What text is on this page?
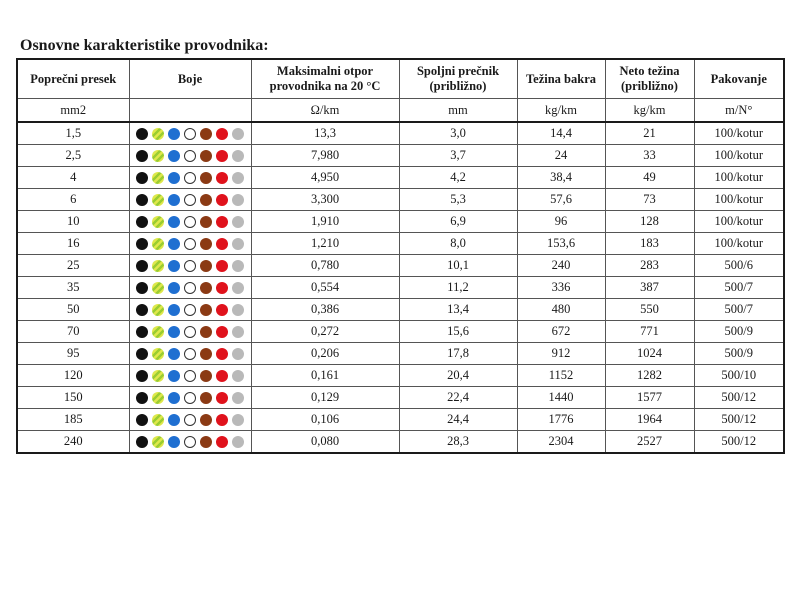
Osnovne karakteristike provodnika:
Poprečni presek	Boje	Maksimalni otpor provodnika na 20 °C	Spoljni prečnik (približno)	Težina bakra	Neto težina (približno)	Pakovanje
mm2		Ω/km	mm	kg/km	kg/km	m/N°
1,5		13,3	3,0	14,4	21	100/kotur
2,5		7,980	3,7	24	33	100/kotur
4		4,950	4,2	38,4	49	100/kotur
6		3,300	5,3	57,6	73	100/kotur
10		1,910	6,9	96	128	100/kotur
16		1,210	8,0	153,6	183	100/kotur
25		0,780	10,1	240	283	500/6
35		0,554	11,2	336	387	500/7
50		0,386	13,4	480	550	500/7
70		0,272	15,6	672	771	500/9
95		0,206	17,8	912	1024	500/9
120		0,161	20,4	1152	1282	500/10
150		0,129	22,4	1440	1577	500/12
185		0,106	24,4	1776	1964	500/12
240		0,080	28,3	2304	2527	500/12
